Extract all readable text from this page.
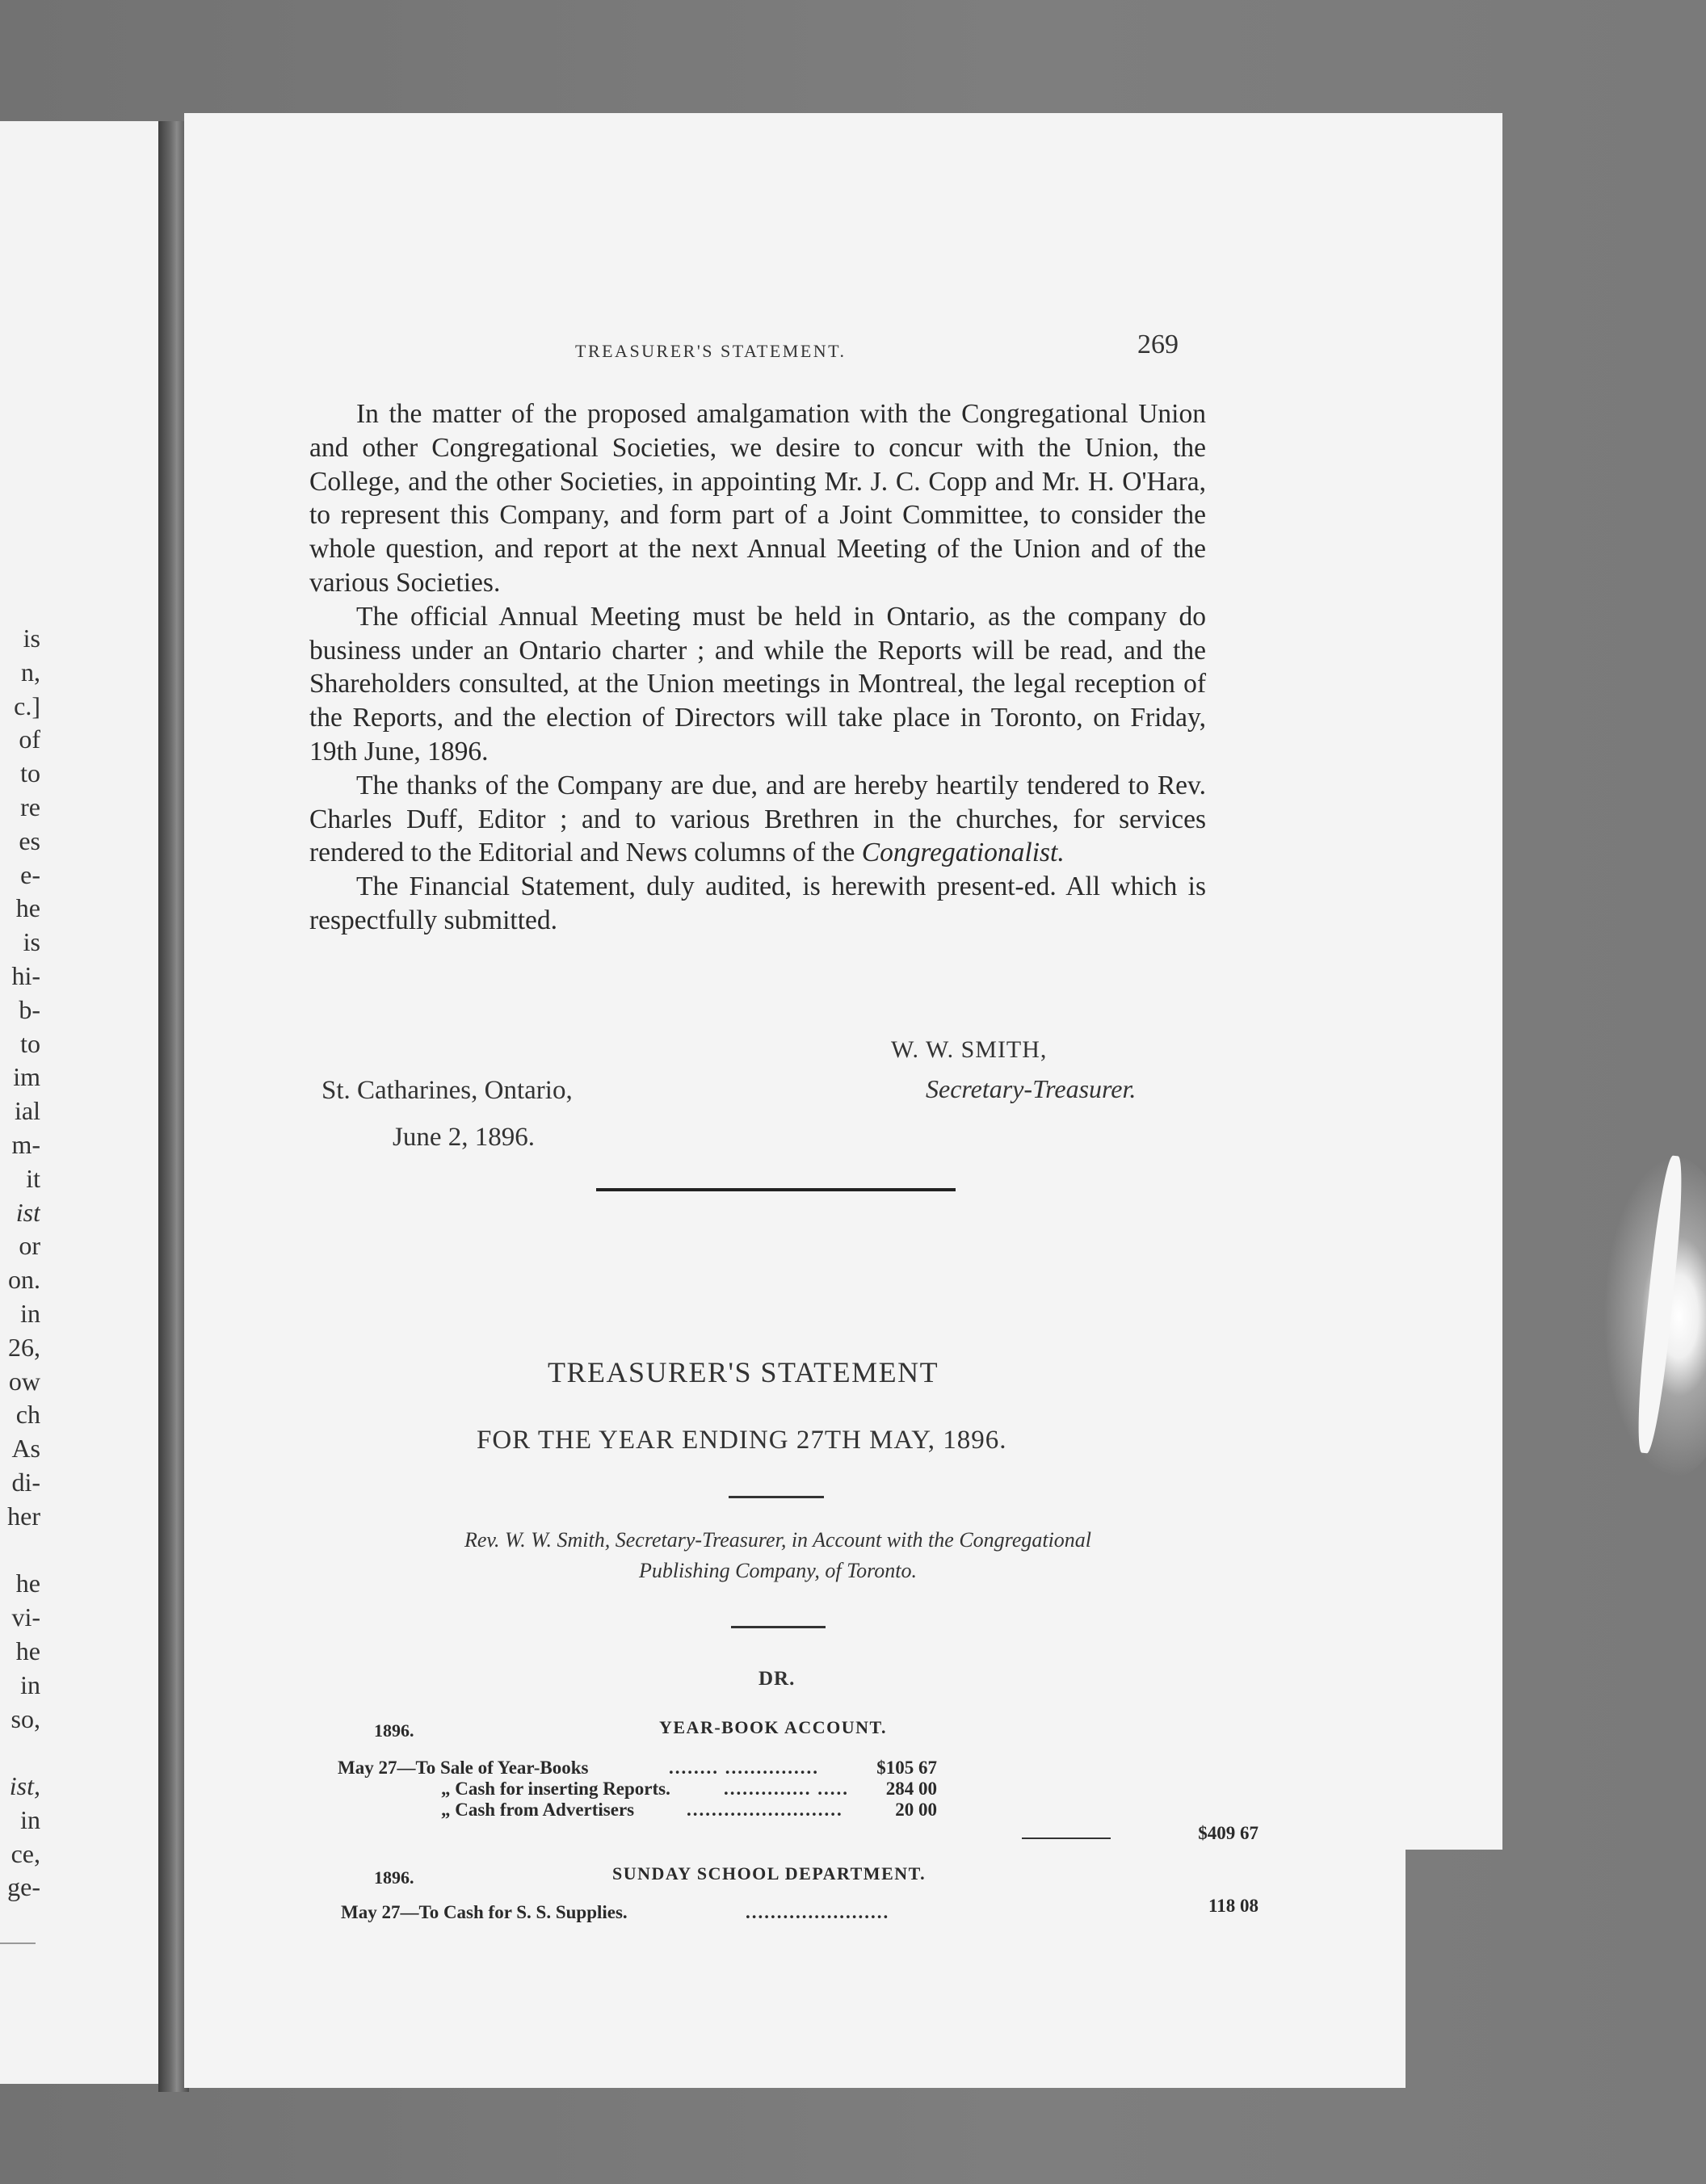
is
n,
c.]
of
to
re
es
e-
he
is
hi-
b-
to
im
ial
m-
it
ist
or
on.
in
26,
ow
ch
As
di-
her
he
vi-
he
in
so,
ist,
in
ce,
ge-
TREASURER'S STATEMENT.	269

In the matter of the proposed amalgamation with the Congregational Union and other Congregational Societies, we desire to concur with the Union, the College, and the other Societies, in appointing Mr. J. C. Copp and Mr. H. O'Hara, to represent this Company, and form part of a Joint Committee, to consider the whole question, and report at the next Annual Meeting of the Union and of the various Societies.

The official Annual Meeting must be held in Ontario, as the company do business under an Ontario charter ; and while the Reports will be read, and the Shareholders consulted, at the Union meetings in Montreal, the legal reception of the Reports, and the election of Directors will take place in Toronto, on Friday, 19th June, 1896.

The thanks of the Company are due, and are hereby heartily tendered to Rev. Charles Duff, Editor ; and to various Brethren in the churches, for services rendered to the Editorial and News columns of the Congregationalist.

The Financial Statement, duly audited, is herewith present-ed. All which is respectfully submitted.

W. W. SMITH,
St. Catharines, Ontario,	Secretary-Treasurer.
June 2, 1896.
TREASURER'S STATEMENT
FOR THE YEAR ENDING 27TH MAY, 1896.
Rev. W. W. Smith, Secretary-Treasurer, in Account with the Congregational
Publishing Company, of Toronto.
DR.
1896.	YEAR-BOOK ACCOUNT.
May 27—To Sale of Year-Books	........ ...............	$105 67
„ Cash for inserting Reports.	.............. .....	284 00
„ Cash from Advertisers	.........................	20 00
$409 67
1896.	SUNDAY SCHOOL DEPARTMENT.
May 27—To Cash for S. S. Supplies.	.......................	118 08
